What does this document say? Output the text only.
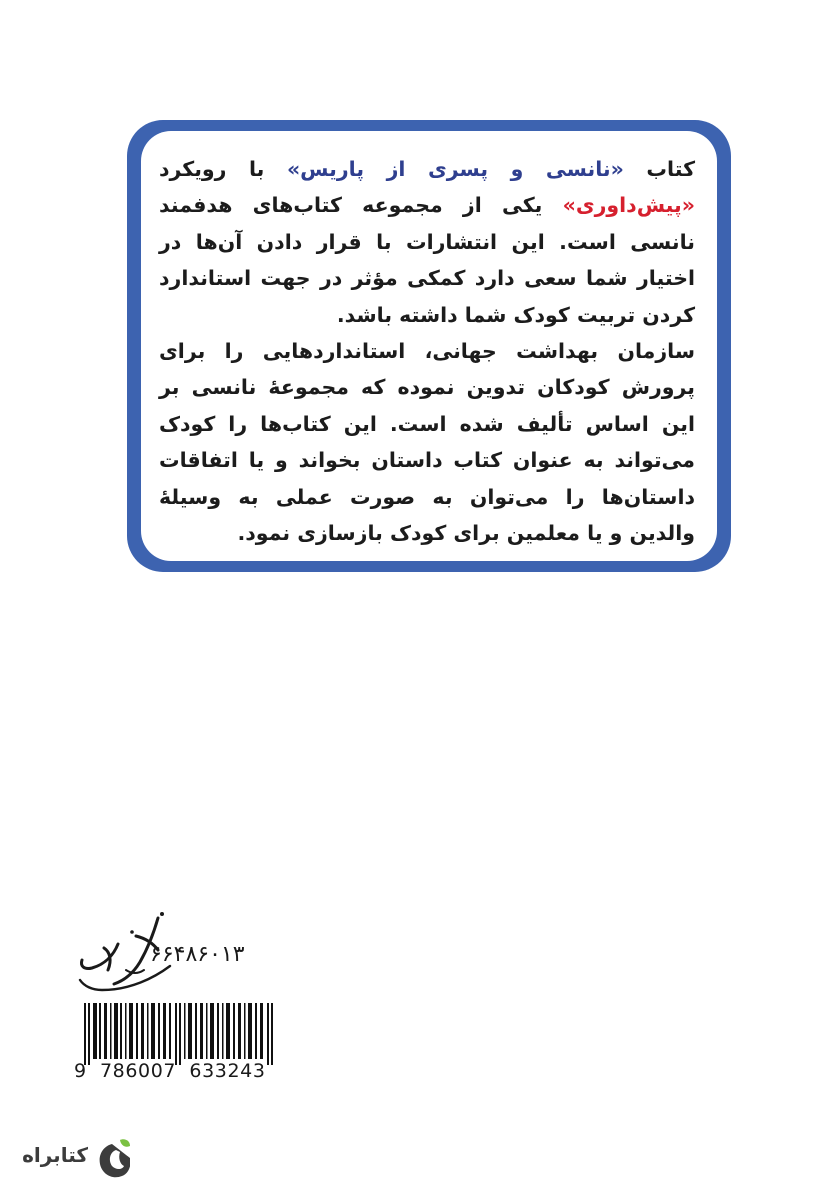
کتاب «نانسی و پسری از پاریس» با رویکرد «پیش‌داوری» یکی از مجموعه کتاب‌های هدفمند نانسی است. این انتشارات با قرار دادن آن‌ها در اختیار شما سعی دارد کمکی مؤثر در جهت استاندارد کردن تربیت کودک شما داشته باشد.

سازمان بهداشت جهانی، استانداردهایی را برای پرورش کودکان تدوین نموده که مجموعهٔ نانسی بر این اساس تألیف شده است. این کتاب‌ها را کودک می‌تواند به عنوان کتاب داستان بخواند و یا اتفاقات داستان‌ها را می‌توان به صورت عملی به وسیلهٔ والدین و یا معلمین برای کودک بازسازی نمود.

۶۶۴۸۶۰۱۳
9  786007  633243
کتابراه
